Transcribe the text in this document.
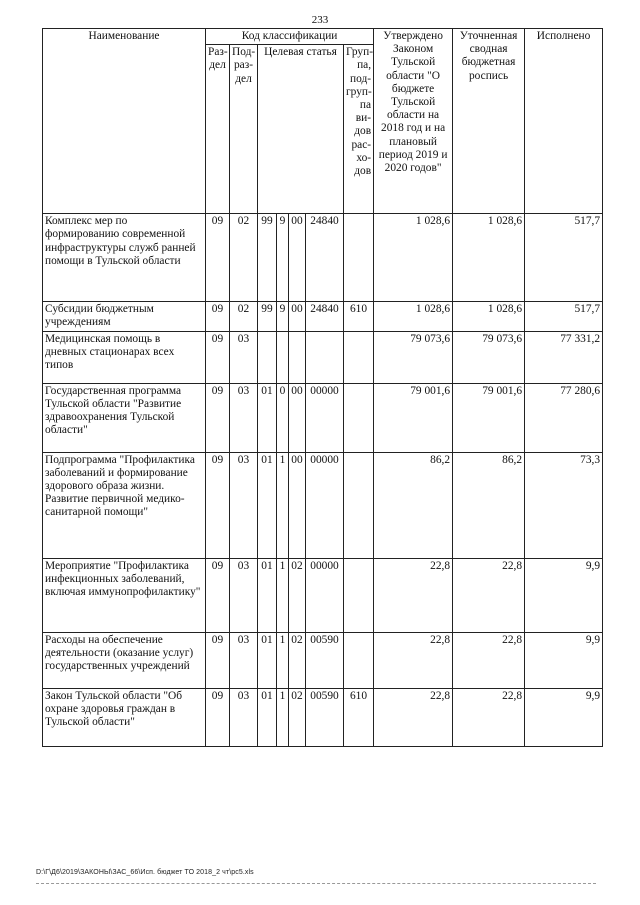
233
Наименование	Код классификации							Утверждено Законом Тульской области "О бюджете Тульской области на 2018 год и на плановый период 2019 и 2020 годов"	Уточненная сводная бюджетная роспись	Исполнено
	Раз-дел	Под-раз-дел	Целевая статья				Груп-па, под-груп-па ви-дов рас-хо-дов			
Комплекс мер по формированию современной инфраструктуры служб ранней помощи в Тульской области	09	02	99	9	00	24840		1 028,6	1 028,6	517,7
Субсидии бюджетным учреждениям	09	02	99	9	00	24840	610	1 028,6	1 028,6	517,7
Медицинская помощь в дневных стационарах всех типов	09	03						79 073,6	79 073,6	77 331,2
Государственная программа Тульской области "Развитие здравоохранения Тульской области"	09	03	01	0	00	00000		79 001,6	79 001,6	77 280,6
Подпрограмма "Профилактика заболеваний и формирование здорового образа жизни. Развитие первичной медико-санитарной помощи"	09	03	01	1	00	00000		86,2	86,2	73,3
Мероприятие "Профилактика инфекционных заболеваний, включая иммунопрофилактику"	09	03	01	1	02	00000		22,8	22,8	9,9
Расходы на обеспечение деятельности (оказание услуг) государственных учреждений	09	03	01	1	02	00590		22,8	22,8	9,9
Закон Тульской области "Об охране здоровья граждан в Тульской области"	09	03	01	1	02	00590	610	22,8	22,8	9,9
D:\Г\Д6\2019\ЗАКОНЫ\ЗАС_66\Исп. бюджет ТО 2018_2 чт\рс5.xls
